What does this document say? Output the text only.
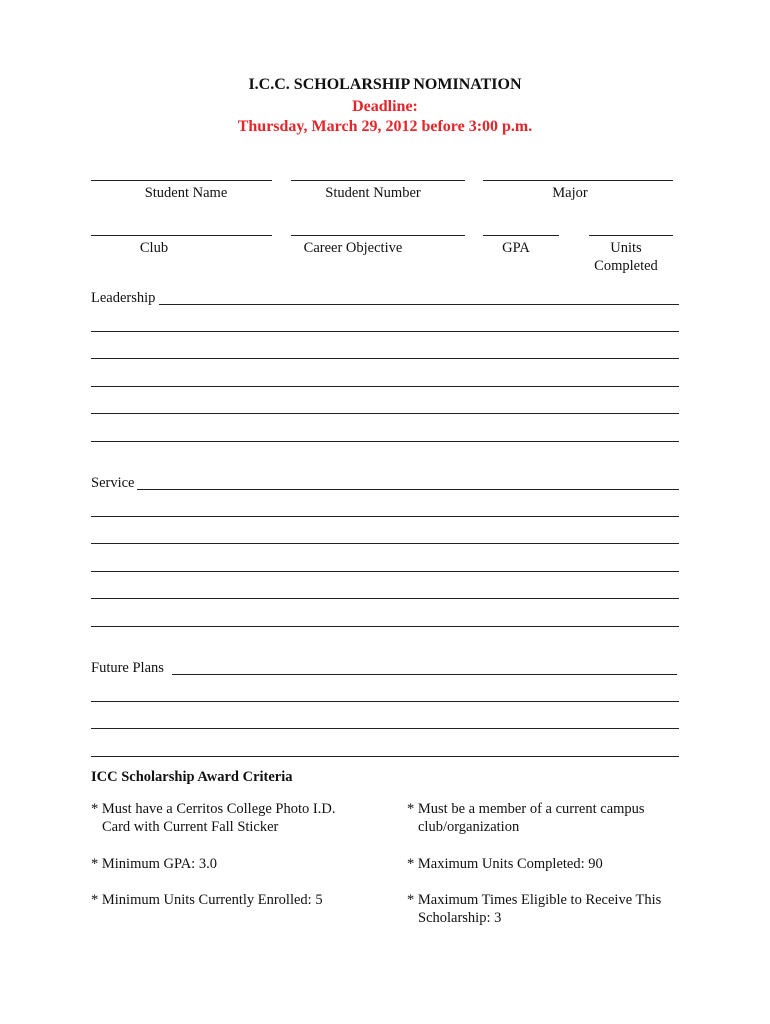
I.C.C. SCHOLARSHIP NOMINATION
Deadline:
Thursday, March 29, 2012 before 3:00 p.m.
Student Name	Student Number	Major
Club	Career Objective	GPA	Units
Completed
Leadership
Service
Future Plans
ICC Scholarship Award Criteria
* Must have a Cerritos College Photo I.D.
Card with Current Fall Sticker
* Minimum GPA: 3.0
* Minimum Units Currently Enrolled: 5
* Must be a member of a current campus
club/organization
* Maximum Units Completed: 90
* Maximum Times Eligible to Receive This
Scholarship: 3
